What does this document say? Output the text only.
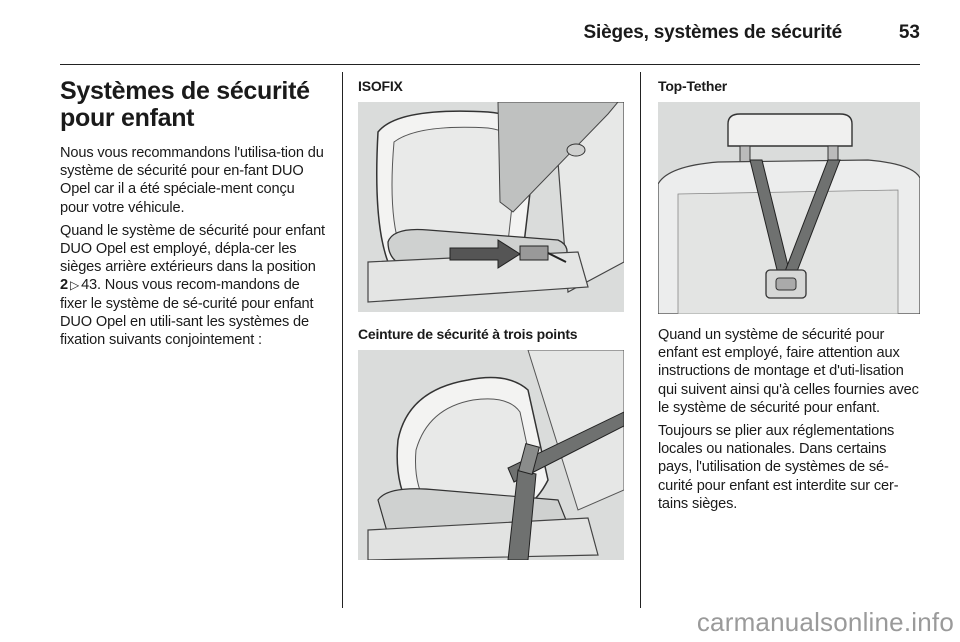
Sièges, systèmes de sécurité	53
Systèmes de sécurité pour enfant

Nous vous recommandons l'utilisa-tion du système de sécurité pour en-fant DUO Opel car il a été spéciale-ment conçu pour votre véhicule.

Quand le système de sécurité pour enfant DUO Opel est employé, dépla-cer les sièges arrière extérieurs dans la position 2 ▷ 43. Nous vous recom-mandons de fixer le système de sé-curité pour enfant DUO Opel en utili-sant les systèmes de fixation suivants conjointement :

ISOFIX
Ceinture de sécurité à trois points
Top-Tether

Quand un système de sécurité pour enfant est employé, faire attention aux instructions de montage et d'uti-lisation qui suivent ainsi qu'à celles fournies avec le système de sécurité pour enfant.

Toujours se plier aux réglementations locales ou nationales. Dans certains pays, l'utilisation de systèmes de sé-curité pour enfant est interdite sur cer-tains sièges.

carmanualsonline.info
